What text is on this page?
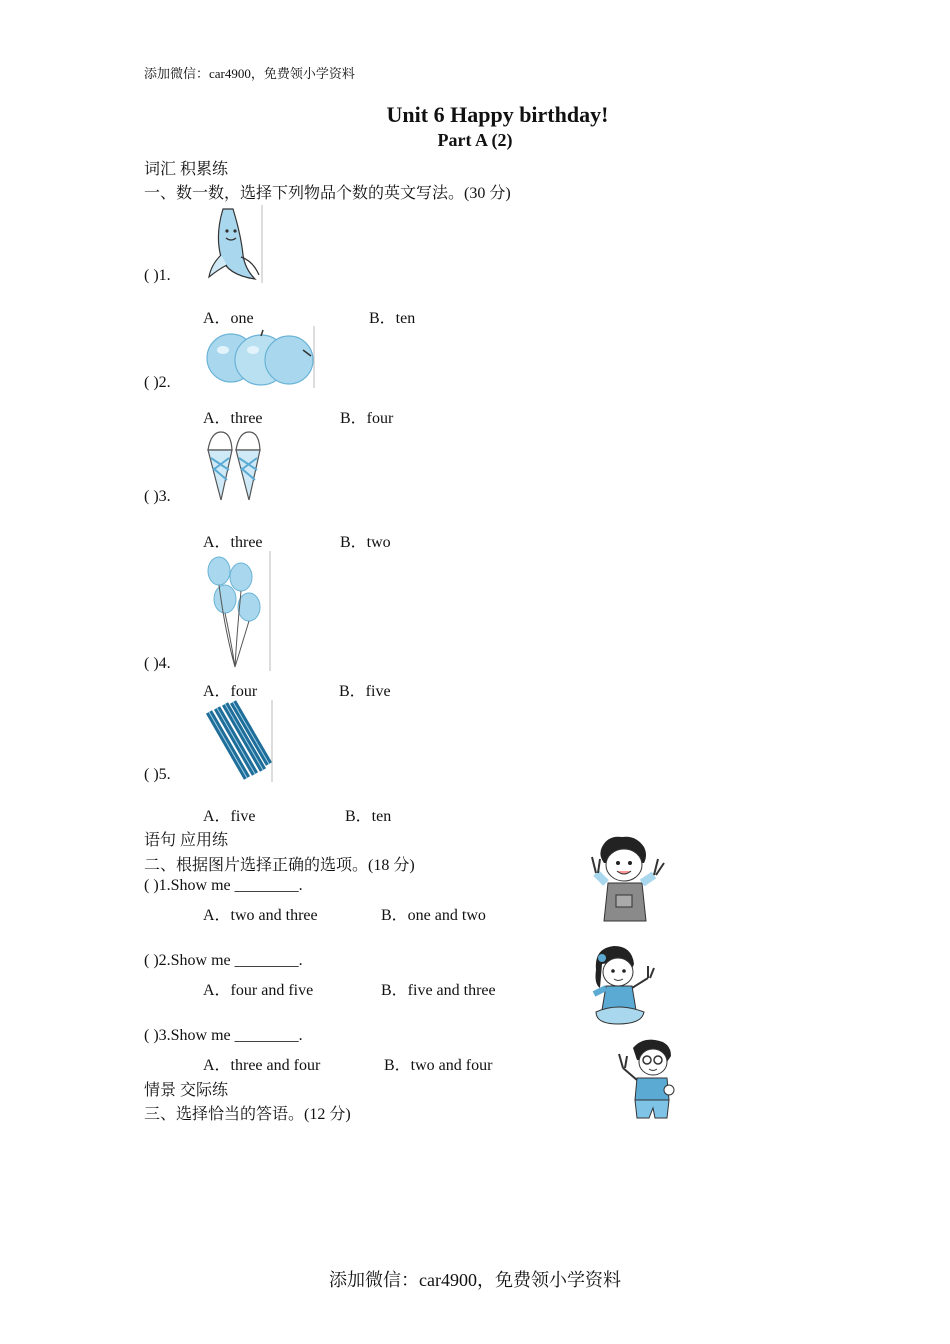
添加微信：car4900，免费领小学资料
Unit 6 Happy birthday!
Part A (2)
词汇 积累练
一、数一数，选择下列物品个数的英文写法。(30 分)
( )1.
A．one	B．ten
( )2.
A．three	B．four
( )3.
A．three	B．two
( )4.
A．four	B．five
( )5.
A．five	B．ten
语句 应用练
二、根据图片选择正确的选项。(18 分)
( )1.Show me ________.
A．two and three	B．one and two
( )2.Show me ________.
A．four and five	B．five and three
( )3.Show me ________.
A．three and four	B．two and four
情景 交际练
三、选择恰当的答语。(12 分)
添加微信：car4900，免费领小学资料
